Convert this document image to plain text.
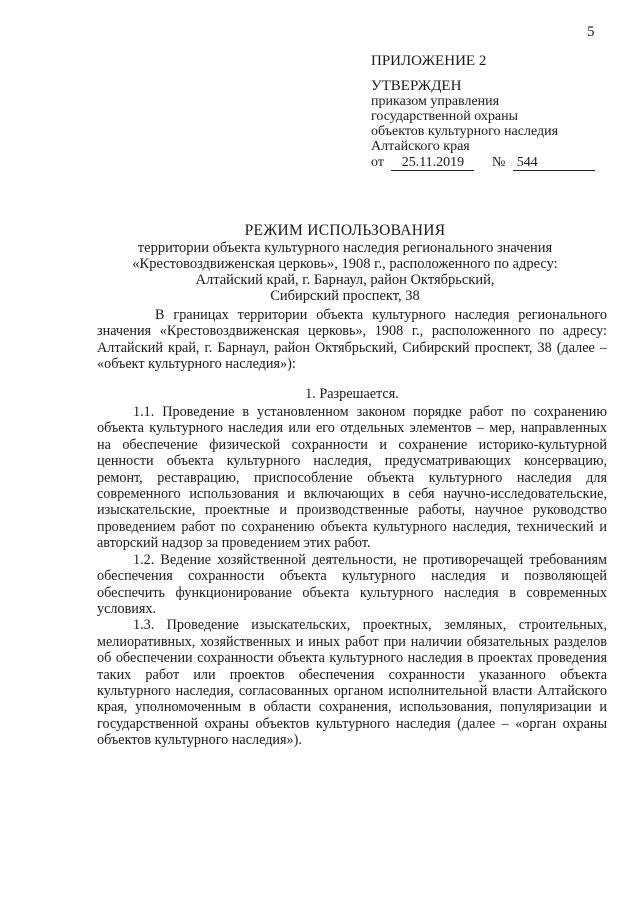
5
ПРИЛОЖЕНИЕ 2
УТВЕРЖДЕН
приказом управления
государственной охраны
объектов культурного наследия
Алтайского края
от 25.11.2019 № 544
РЕЖИМ ИСПОЛЬЗОВАНИЯ
территории объекта культурного наследия регионального значения
«Крестовоздвиженская церковь», 1908 г., расположенного по адресу:
Алтайский край, г. Барнаул, район Октябрьский,
Сибирский проспект, 38

В границах территории объекта культурного наследия регионального значения «Крестовоздвиженская церковь», 1908 г., расположенного по адресу: Алтайский край, г. Барнаул, район Октябрьский, Сибирский проспект, 38 (далее – «объект культурного наследия»):

1. Разрешается.

1.1. Проведение в установленном законом порядке работ по сохранению объекта культурного наследия или его отдельных элементов – мер, направленных на обеспечение физической сохранности и сохранение историко-культурной ценности объекта культурного наследия, предусматривающих консервацию, ремонт, реставрацию, приспособление объекта культурного наследия для современного использования и включающих в себя научно-исследовательские, изыскательские, проектные и производственные работы, научное руководство проведением работ по сохранению объекта культурного наследия, технический и авторский надзор за проведением этих работ.

1.2. Ведение хозяйственной деятельности, не противоречащей требованиям обеспечения сохранности объекта культурного наследия и позволяющей обеспечить функционирование объекта культурного наследия в современных условиях.

1.3. Проведение изыскательских, проектных, земляных, строительных, мелиоративных, хозяйственных и иных работ при наличии обязательных разделов об обеспечении сохранности объекта культурного наследия в проектах проведения таких работ или проектов обеспечения сохранности указанного объекта культурного наследия, согласованных органом исполнительной власти Алтайского края, уполномоченным в области сохранения, использования, популяризации и государственной охраны объектов культурного наследия (далее – «орган охраны объектов культурного наследия»).
